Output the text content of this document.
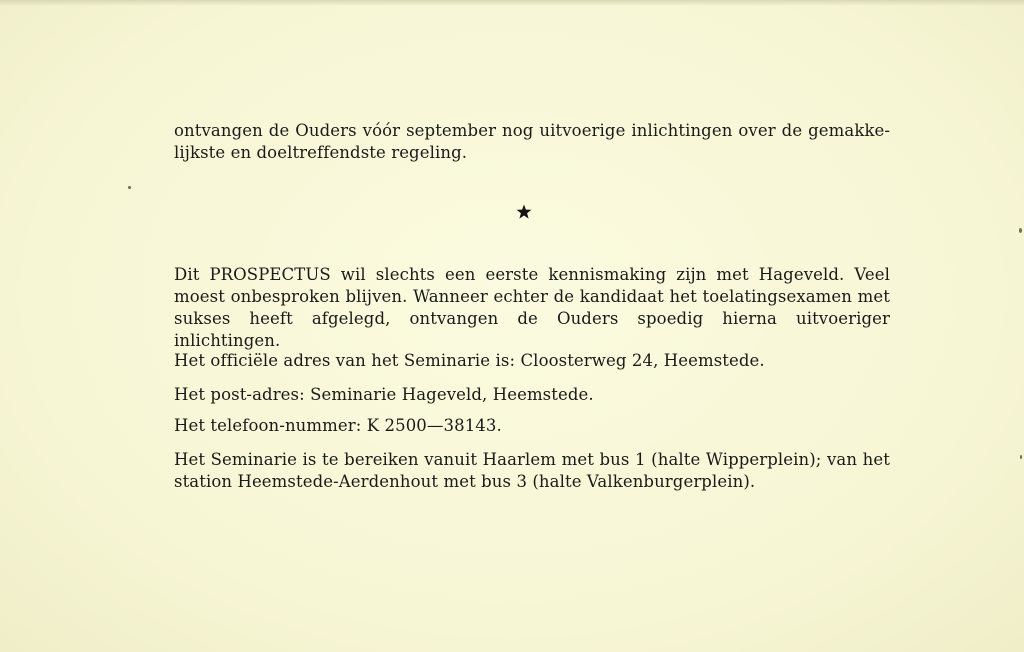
ontvangen de Ouders vóór september nog uitvoerige inlichtingen over de gemakkelijkste en doeltreffendste regeling.

Dit PROSPECTUS wil slechts een eerste kennismaking zijn met Hageveld. Veel moest onbesproken blijven. Wanneer echter de kandidaat het toelatingsexamen met sukses heeft afgelegd, ontvangen de Ouders spoedig hierna uitvoeriger inlichtingen.

Het officiële adres van het Seminarie is: Cloosterweg 24, Heemstede.

Het post-adres: Seminarie Hageveld, Heemstede.

Het telefoon-nummer: K 2500—38143.

Het Seminarie is te bereiken vanuit Haarlem met bus 1 (halte Wipperplein); van het station Heemstede-Aerdenhout met bus 3 (halte Valkenburgerplein).
